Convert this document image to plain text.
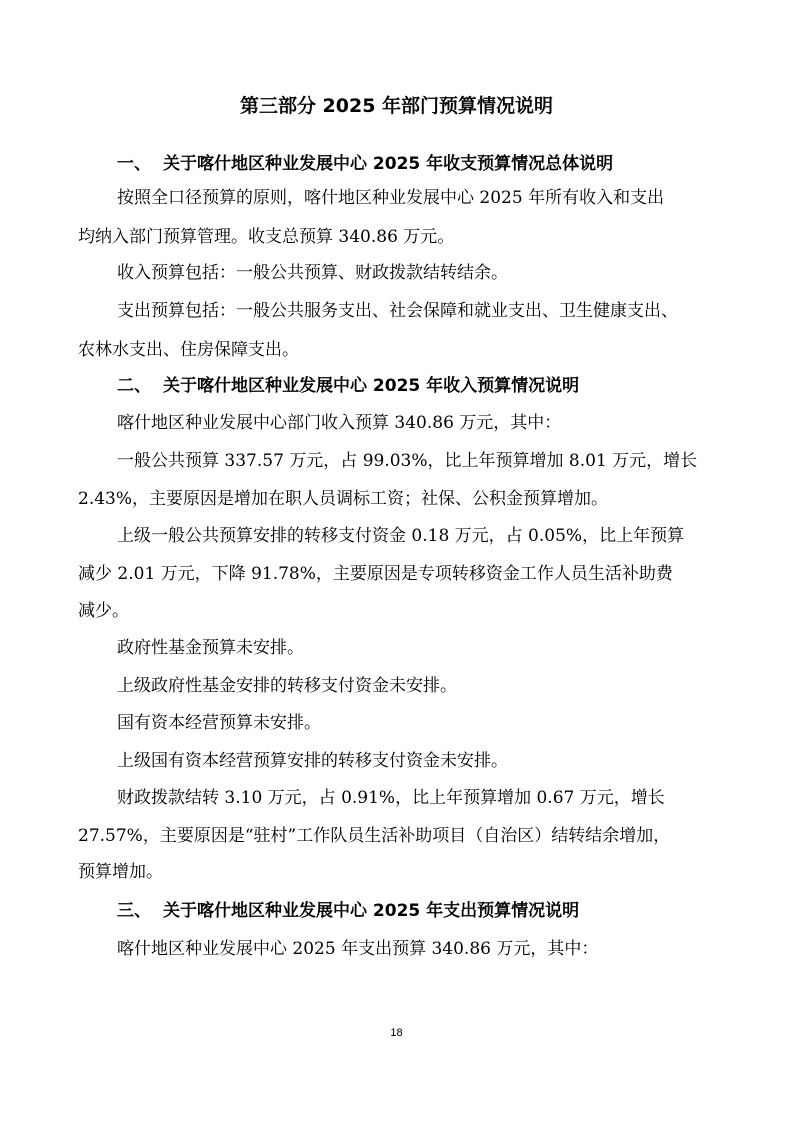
第三部分 2025 年部门预算情况说明
一、 关于喀什地区种业发展中心 2025 年收支预算情况总体说明
按照全口径预算的原则，喀什地区种业发展中心 2025 年所有收入和支出
均纳入部门预算管理。收支总预算 340.86 万元。
收入预算包括：一般公共预算、财政拨款结转结余。
支出预算包括：一般公共服务支出、社会保障和就业支出、卫生健康支出、
农林水支出、住房保障支出。
二、 关于喀什地区种业发展中心 2025 年收入预算情况说明
喀什地区种业发展中心部门收入预算 340.86 万元，其中：
一般公共预算 337.57 万元，占 99.03%，比上年预算增加 8.01 万元，增长
2.43%，主要原因是增加在职人员调标工资；社保、公积金预算增加。
上级一般公共预算安排的转移支付资金 0.18 万元，占 0.05%，比上年预算
减少 2.01 万元，下降 91.78%，主要原因是专项转移资金工作人员生活补助费
减少。
政府性基金预算未安排。
上级政府性基金安排的转移支付资金未安排。
国有资本经营预算未安排。
上级国有资本经营预算安排的转移支付资金未安排。
财政拨款结转 3.10 万元，占 0.91%，比上年预算增加 0.67 万元，增长
27.57%，主要原因是“驻村”工作队员生活补助项目（自治区）结转结余增加，
预算增加。
三、 关于喀什地区种业发展中心 2025 年支出预算情况说明
喀什地区种业发展中心 2025 年支出预算 340.86 万元，其中：
18
